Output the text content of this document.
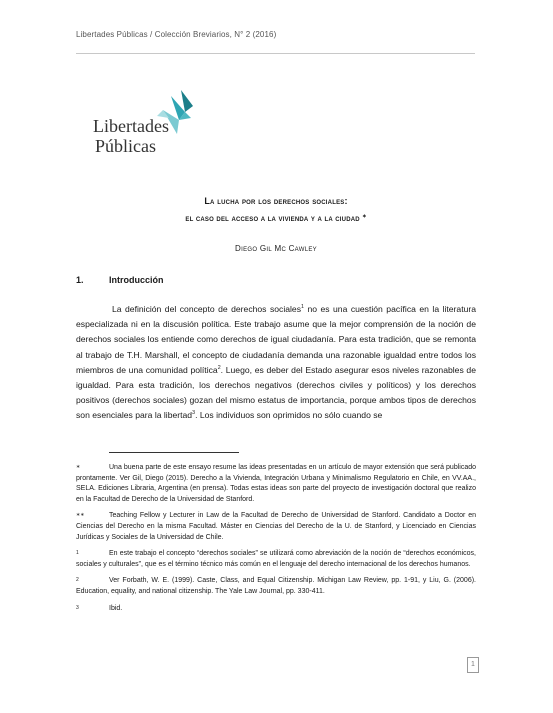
Libertades Públicas / Colección Breviarios, N° 2 (2016)
Libertades
Públicas
La lucha por los derechos sociales:
el caso del acceso a la vivienda y a la ciudad ∗
Diego Gil Mc Cawley
1.	Introducción
La definición del concepto de derechos sociales$^1$ no es una cuestión pacífica en la literatura especializada ni en la discusión política. Este trabajo asume que la mejor comprensión de la noción de derechos sociales los entiende como derechos de igual ciudadanía. Para esta tradición, que se remonta al trabajo de T.H. Marshall, el concepto de ciudadanía demanda una razonable igualdad entre todos los miembros de una comunidad política$^2$. Luego, es deber del Estado asegurar esos niveles razonables de igualdad. Para esta tradición, los derechos negativos (derechos civiles y políticos) y los derechos positivos (derechos sociales) gozan del mismo estatus de importancia, porque ambos tipos de derechos son esenciales para la libertad$^3$. Los individuos son oprimidos no sólo cuando se
∗	Una buena parte de este ensayo resume las ideas presentadas en un artículo de mayor extensión que será publicado prontamente. Ver Gil, Diego (2015). Derecho a la Vivienda, Integración Urbana y Minimalismo Regulatorio en Chile, en VV.AA., SELA. Ediciones Libraria, Argentina (en prensa). Todas estas ideas son parte del proyecto de investigación doctoral que realizo en la Facultad de Derecho de la Universidad de Stanford.
∗∗	Teaching Fellow y Lecturer in Law de la Facultad de Derecho de Universidad de Stanford. Candidato a Doctor en Ciencias del Derecho en la misma Facultad. Máster en Ciencias del Derecho de la U. de Stanford, y Licenciado en Ciencias Jurídicas y Sociales de la Universidad de Chile.
1	En este trabajo el concepto “derechos sociales” se utilizará como abreviación de la noción de “derechos económicos, sociales y culturales”, que es el término técnico más común en el lenguaje del derecho internacional de los derechos humanos.
2	Ver Forbath, W. E. (1999). Caste, Class, and Equal Citizenship. Michigan Law Review, pp. 1-91, y Liu, G. (2006). Education, equality, and national citizenship. The Yale Law Journal, pp. 330-411.
3	Ibid.
1
